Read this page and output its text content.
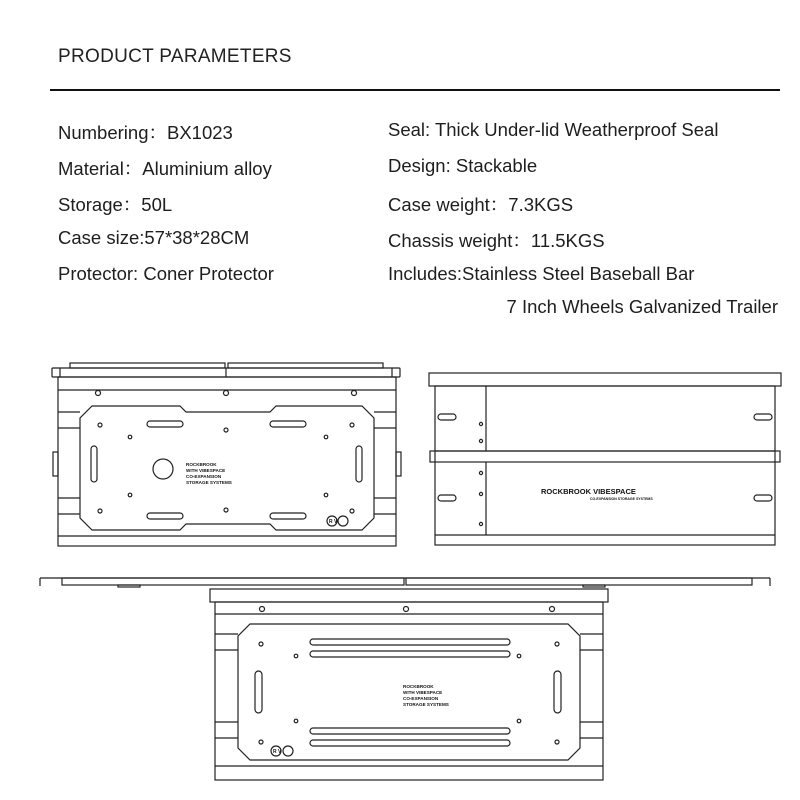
PRODUCT PARAMETERS
Numbering：BX1023
Material：Aluminium alloy
Storage：50L
Case size:57*38*28CM
Protector: Coner Protector
Seal: Thick Under-lid Weatherproof Seal
Design: Stackable
Case weight：7.3KGS
Chassis weight：11.5KGS
Includes:Stainless Steel Baseball Bar
7 Inch Wheels Galvanized Trailer
ROCKBROOK
WITH VIBESPACE
CO-EXPANSION
STORAGE SYSTEMS
R V
ROCKBROOK VIBESPACE
CO-EXPANSION STORAGE SYSTEMS
ROCKBROOK
WITH VIBESPACE
CO-EXPANSION
STORAGE SYSTEMS
R V
